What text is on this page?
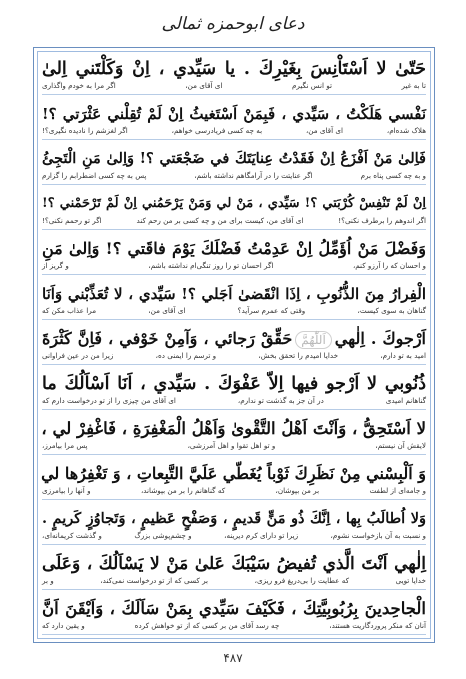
دعای ابوحمزه ثمالی
حَتّىٰ لا اَسْتَاْنِسَ بِغَيْرِكَ . يا سَيِّدي ، اِنْ وَكَلْتَني اِلىٰ
تا به غیر
تو انس نگیرم
ای آقای من،
اگر مرا به خودم واگذاری
نَفْسي هَلَكْتُ ، سَيِّدي ، فَبِمَنْ اَسْتَغيثُ اِنْ لَمْ تُقِلْني عَثْرَتي ؟!
هلاک شده‌ام،
ای آقای من،
به چه کسی فریادرسی خواهم،
اگر لغزشم را نادیده نگیری؟!
فَاِلىٰ مَنْ اَفْزَعُ اِنْ فَقَدْتُ عِنايَتَكَ في ضَجْعَتي ؟! وَاِلىٰ مَنِ الْتَجِئُ
و به چه کسی پناه برم
اگر عنایتت را در آرامگاهم نداشته باشم،
پس به چه کسی اضطرابم را گزارم
اِنْ لَمْ تَنْفِسْ كُرْبَتي ؟! سَيِّدي ، مَنْ لي وَمَنْ يَرْحَمُني اِنْ لَمْ تَرْحَمْني ؟!
اگر اندوهم را برطرف نکنی؟!
ای آقای من، کیست برای من و چه کسی بر من رحم کند
اگر تو رحمم نکنی؟!
وَفَضْلَ مَنْ اُؤَمِّلُ اِنْ عَدِمْتُ فَضْلَكَ يَوْمَ فاقَتي ؟! وَاِلىٰ مَنِ
و احسان که را آرزو کنم،
اگر احسان تو را روز تنگی‌ام نداشته باشم،
و گریز از
الْفِرارُ مِنَ الذُّنُوبِ ، اِذَا انْقَضىٰ اَجَلي ؟! سَيِّدي ، لا تُعَذِّبْني وَاَنَا
گناهان به سوی کیست،
وقتی که عمرم سرآید؟
ای آقای من،
مرا عذاب مکن که
اَرْجوكَ . اِلٰهياَللّٰهُمَّحَقِّقْ رَجائي ، وَآمِنْ خَوْفي ، فَاِنَّ كَثْرَةَ
امید به تو دارم،
خدایا امیدم را تحقق بخش،
و ترسم را ایمنی ده،
زیرا من در عین فراوانی
ذُنُوبي لا اَرْجو فيها اِلاّ عَفْوَكَ . سَيِّدي ، اَنَا اَسْاَلُكَ ما
گناهانم امیدی
در آن جز به گذشت تو ندارم،
ای آقای من چیزی را از تو درخواست دارم که
لا اَسْتَحِقُّ ، وَاَنْتَ اَهْلُ التَّقْوىٰ وَاَهْلُ الْمَغْفِرَةِ ، فَاغْفِرْ لي ،
لایقش آن نیستم،
و تو اهل تقوا و اهل آمرزشی،
پس مرا بیامرز،
وَ اَلْبِسْني مِنْ نَظَرِكَ ثَوْباً يُغَطّي عَلَيَّ التَّبِعاتِ ، وَ تَغْفِرُها لي
و جامه‌ای از لطفت
بر من بپوشان،
که گناهانم را بر من بپوشاند،
و آنها را بیامرزی
وَلا اُطالَبُ بِها ، اِنَّكَ ذُو مَنٍّ قَديمٍ ، وَصَفْحٍ عَظيمٍ ، وَتَجاوُزٍ كَريمٍ .
و نسبت به آن بازخواست نشوم،
زیرا تو دارای کرم دیرینه،
و چشم‌پوشی بزرگ
و گذشت کریمانه‌ای،
اِلٰهي اَنْتَ الَّذي تُفيضُ سَيْبَكَ عَلىٰ مَنْ لا يَسْاَلُكَ ، وَعَلَى
خدایا تویی
که عطایت را بی‌دریغ فرو ریزی،
بر کسی که از تو درخواست نمی‌کند،
و بر
الْجاحِدينَ بِرُبُوبِيَّتِكَ ، فَكَيْفَ سَيِّدي بِمَنْ سَاَلَكَ ، وَاَيْقَنَ اَنَّ
آنان که منکر پروردگاریت هستند،
چه رسد آقای من بر کسی که از تو خواهش کرده
و یقین دارد که
۴۸۷
